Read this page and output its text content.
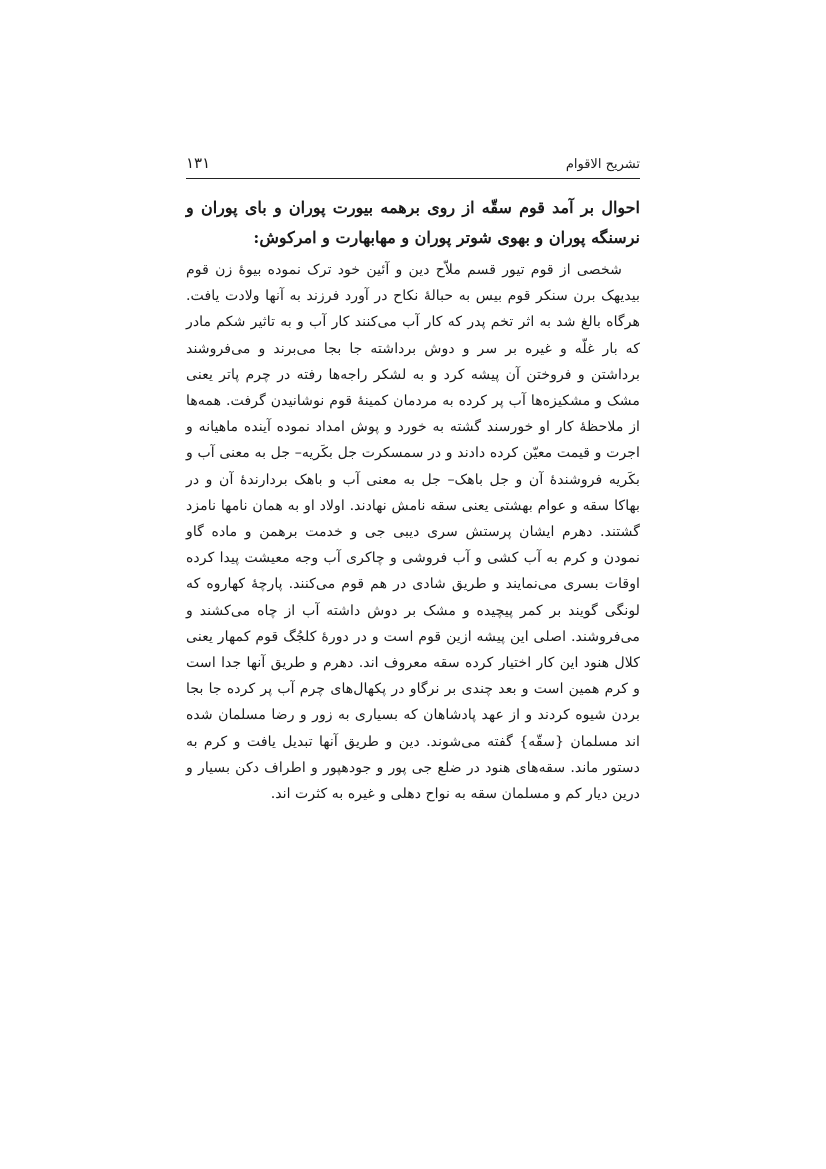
تشریح الاقوام
۱۳۱
احوال بر آمد قوم سقّه از روی برهمه بیورت پوران و بای پوران و نرسنگه پوران و بهوی شوتر پوران و مهابهارت و امرکوش:

شخصی از قوم تیور قسم ملاّح دین و آئین خود ترک نموده بیوهٔ زن قوم بیدیهک برن سنکر قوم بیس به حبالهٔ نکاح در آورد فرزند به آنها ولادت یافت. هرگاه بالغ شد به اثر تخم پدر که کار آب می‌کنند کار آب و به تاثیر شکم مادر که بار غلّه و غیره بر سر و دوش برداشته جا بجا می‌برند و می‌فروشند برداشتن و فروختن آن پیشه کرد و به لشکر راجه‌ها رفته در چرم پاتر یعنی مشک و مشکیزه‌ها آب پر کرده به مردمان کمینهٔ قوم نوشانیدن گرفت. همه‌ها از ملاحظهٔ کار او خورسند گشته به خورد و پوش امداد نموده آینده ماهیانه و اجرت و قیمت معیّن کرده دادند و در سمسکرت جل بکَریه– جل به معنی آب و بکَریه فروشندهٔ آن و جل باهک– جل به معنی آب و باهک بردارندهٔ آن و در بهاکا سقه و عوام بهشتی یعنی سقه نامش نهادند. اولاد او به همان نامها نامزد گشتند. دهرم ایشان پرستش سری دیبی جی و خدمت برهمن و ماده گاو نمودن و کرم به آب کشی و آب فروشی و چاکری آب وجه معیشت پیدا کرده اوقات بسری می‌نمایند و طریق شادی در هم قوم می‌کنند. پارچهٔ کهاروه که لونگی گویند بر کمر پیچیده و مشک بر دوش داشته آب از چاه می‌کشند و می‌فروشند. اصلی این پیشه ازین قوم است و در دورهٔ کلجُگ قوم کمهار یعنی کلال هنود این کار اختیار کرده سقه معروف اند. دهرم و طریق آنها جدا است و کرم همین است و بعد چندی بر نرگاو در پکهال‌های چرم آب پر کرده جا بجا بردن شیوه کردند و از عهد پادشاهان که بسیاری به زور و رضا مسلمان شده اند مسلمان {سقّه} گفته می‌شوند. دین و طریق آنها تبدیل یافت و کرم به دستور ماند. سقه‌های هنود در ضلع جی پور و جودهپور و اطراف دکن بسیار و درین دیار کم و مسلمان سقه به نواح دهلی و غیره به کثرت اند.
